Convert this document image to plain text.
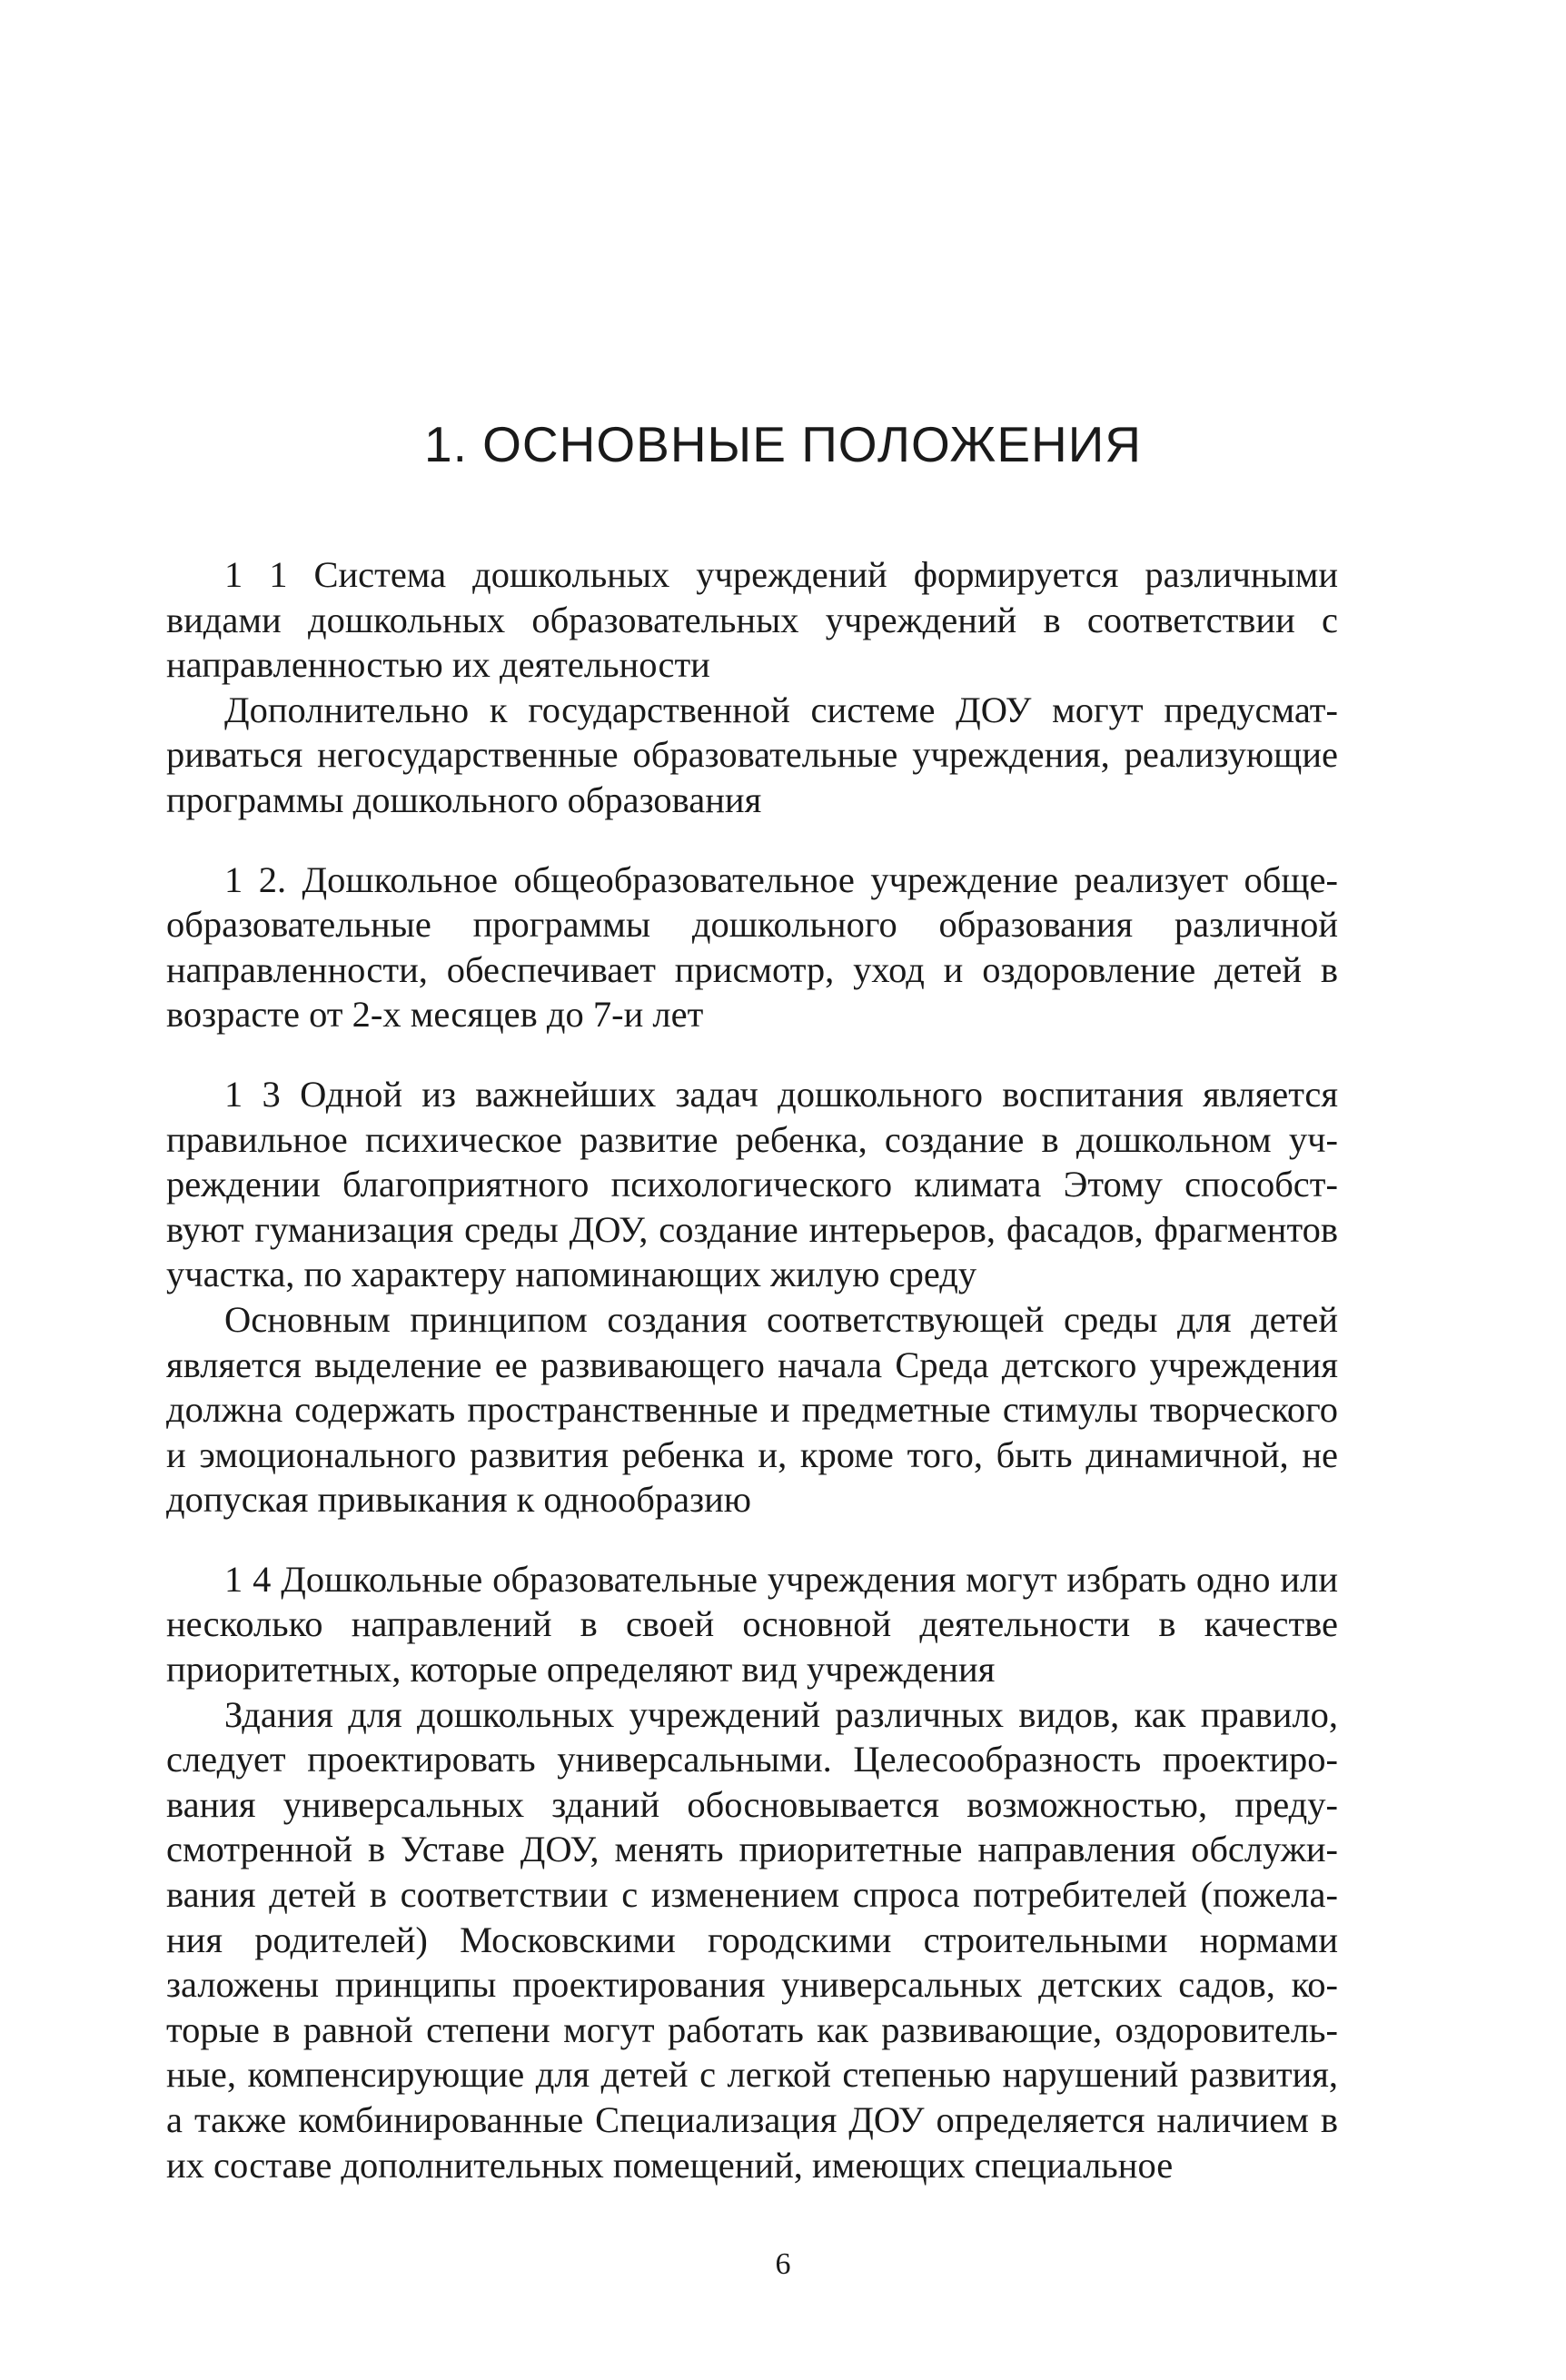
1. ОСНОВНЫЕ ПОЛОЖЕНИЯ

1 1 Система дошкольных учреждений формируется различными видами дошкольных образовательных учреждений в соответствии с направленностью их деятельности

Дополнительно к государственной системе ДОУ могут предусматриваться негосударственные образовательные учреждения, реализующие программы дошкольного образования

1 2. Дошкольное общеобразовательное учреждение реализует общеобразовательные программы дошкольного образования различной направленности, обеспечивает присмотр, уход и оздоровление детей в возрасте от 2-х месяцев до 7-и лет

1 3 Одной из важнейших задач дошкольного воспитания является правильное психическое развитие ребенка, создание в дошкольном учреждении благоприятного психологического климата Этому способствуют гуманизация среды ДОУ, создание интерьеров, фасадов, фрагментов участка, по характеру напоминающих жилую среду

Основным принципом создания соответствующей среды для детей является выделение ее развивающего начала Среда детского учреждения должна содержать пространственные и предметные стимулы творческого и эмоционального развития ребенка и, кроме того, быть динамичной, не допуская привыкания к однообразию

1 4 Дошкольные образовательные учреждения могут избрать одно или несколько направлений в своей основной деятельности в качестве приоритетных, которые определяют вид учреждения

Здания для дошкольных учреждений различных видов, как правило, следует проектировать универсальными. Целесообразность проектирования универсальных зданий обосновывается возможностью, предусмотренной в Уставе ДОУ, менять приоритетные направления обслуживания детей в соответствии с изменением спроса потребителей (пожелания родителей) Московскими городскими строительными нормами заложены принципы проектирования универсальных детских садов, которые в равной степени могут работать как развивающие, оздоровительные, компенсирующие для детей с легкой степенью нарушений развития, а также комбинированные Специализация ДОУ определяется наличием в их составе дополнительных помещений, имеющих специальное

6
